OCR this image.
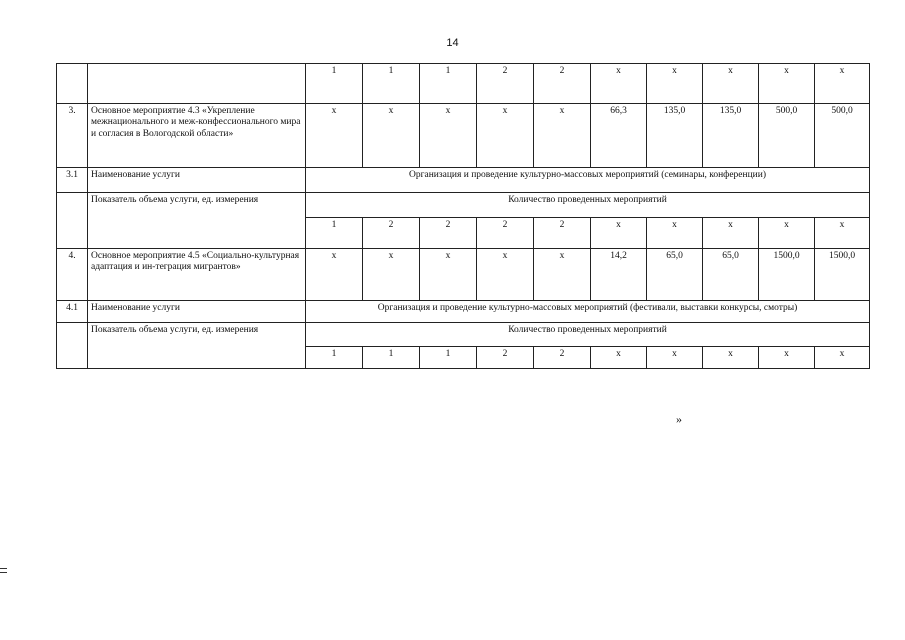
14
		1	1	1	2	2	x	x	x	x	x
3.	Основное мероприятие 4.3 «Укрепление межнационального и меж-конфессионального мира и согласия в Вологодской области»	x	x	x	x	x	66,3	135,0	135,0	500,0	500,0
3.1	Наименование услуги	Организация и проведение культурно-массовых мероприятий (семинары, конференции)									
	Показатель объема услуги, ед. измерения	Количество проведенных мероприятий									
		1	2	2	2	2	x	x	x	x	x
4.	Основное мероприятие 4.5 «Социально-культурная адаптация и ин-теграция мигрантов»	x	x	x	x	x	14,2	65,0	65,0	1500,0	1500,0
4.1	Наименование услуги	Организация и проведение культурно-массовых мероприятий (фестивали, выставки конкурсы, смотры)									
	Показатель объема услуги, ед. измерения	Количество проведенных мероприятий									
		1	1	1	2	2	x	x	x	x	x
»
